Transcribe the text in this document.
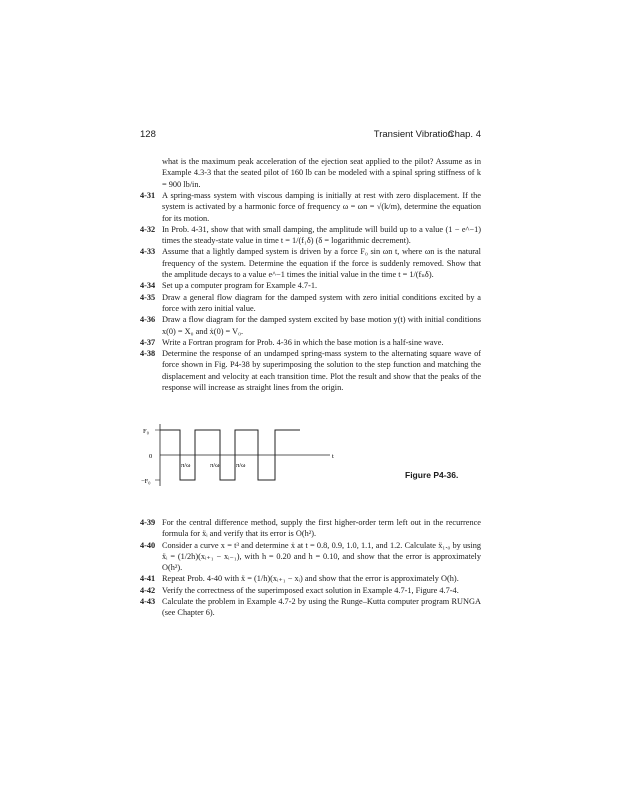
128	Transient Vibration
Chap. 4
what is the maximum peak acceleration of the ejection seat applied to the pilot? Assume as in Example 4.3-3 that the seated pilot of 160 lb can be modeled with a spinal spring stiffness of k = 900 lb/in.

4-31 A spring-mass system with viscous damping is initially at rest with zero displacement. If the system is activated by a harmonic force of frequency ω = ωn = √(k/m), determine the equation for its motion.

4-32 In Prob. 4-31, show that with small damping, the amplitude will build up to a value (1 − e^−1) times the steady-state value in time t = 1/(f₁δ) (δ = logarithmic decrement).

4-33 Assume that a lightly damped system is driven by a force F₀ sin ωn t, where ωn is the natural frequency of the system. Determine the equation if the force is suddenly removed. Show that the amplitude decays to a value e^−1 times the initial value in the time t = 1/(fₙδ).

4-34 Set up a computer program for Example 4.7-1.

4-35 Draw a general flow diagram for the damped system with zero initial conditions excited by a force with zero initial value.

4-36 Draw a flow diagram for the damped system excited by base motion y(t) with initial conditions x(0) = X₀ and ẋ(0) = V₀.

4-37 Write a Fortran program for Prob. 4-36 in which the base motion is a half-sine wave.

4-38 Determine the response of an undamped spring-mass system to the alternating square wave of force shown in Fig. P4-38 by superimposing the solution to the step function and matching the displacement and velocity at each transition time. Plot the result and show that the peaks of the response will increase as straight lines from the origin.

F₀
−F₀
0	t
π/ω	π/ω	π/ω
Figure P4-36.

4-39 For the central difference method, supply the first higher-order term left out in the recurrence formula for ẍᵢ and verify that its error is O(h²).

4-40 Consider a curve x = t³ and determine ẋ at t = 0.8, 0.9, 1.0, 1.1, and 1.2. Calculate ẍ₁.₀ by using ẍᵢ = (1/2h)(xᵢ₊₁ − xᵢ₋₁), with h = 0.20 and h = 0.10, and show that the error is approximately O(h²).

4-41 Repeat Prob. 4-40 with ẍ = (1/h)(xᵢ₊₁ − xᵢ) and show that the error is approximately O(h).

4-42 Verify the correctness of the superimposed exact solution in Example 4.7-1, Figure 4.7-4.

4-43 Calculate the problem in Example 4.7-2 by using the Runge–Kutta computer program RUNGA (see Chapter 6).
